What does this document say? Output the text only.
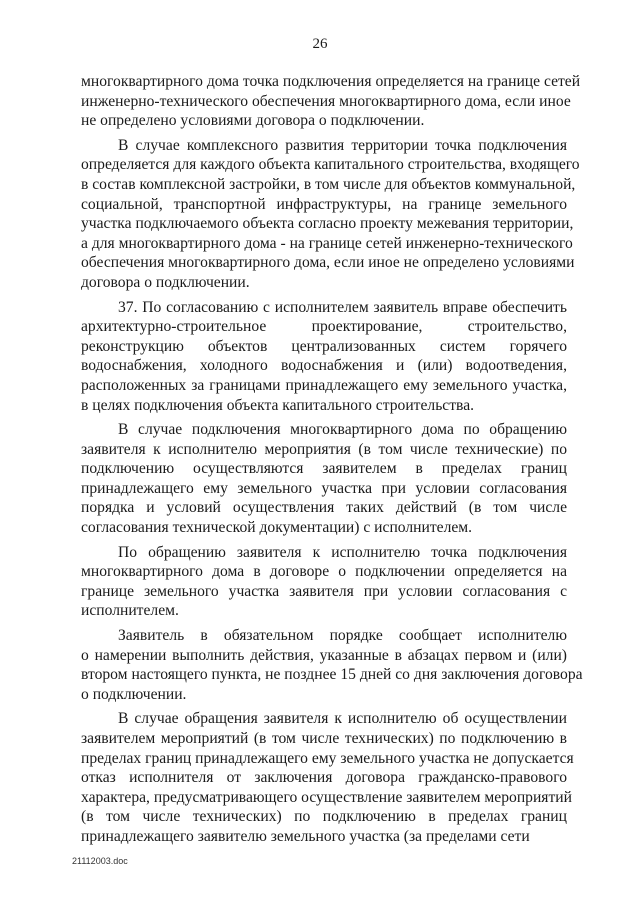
26
многоквартирного дома точка подключения определяется на границе сетей
инженерно-технического обеспечения многоквартирного дома, если иное
не определено условиями договора о подключении.
В случае комплексного развития территории точка подключения
определяется для каждого объекта капитального строительства, входящего
в состав комплексной застройки, в том числе для объектов коммунальной,
социальной, транспортной инфраструктуры, на границе земельного
участка подключаемого объекта согласно проекту межевания территории,
а для многоквартирного дома - на границе сетей инженерно-технического
обеспечения многоквартирного дома, если иное не определено условиями
договора о подключении.
37. По согласованию с исполнителем заявитель вправе обеспечить
архитектурно-строительное проектирование, строительство,
реконструкцию объектов централизованных систем горячего
водоснабжения, холодного водоснабжения и (или) водоотведения,
расположенных за границами принадлежащего ему земельного участка,
в целях подключения объекта капитального строительства.
В случае подключения многоквартирного дома по обращению
заявителя к исполнителю мероприятия (в том числе технические) по
подключению осуществляются заявителем в пределах границ
принадлежащего ему земельного участка при условии согласования
порядка и условий осуществления таких действий (в том числе
согласования технической документации) с исполнителем.
По обращению заявителя к исполнителю точка подключения
многоквартирного дома в договоре о подключении определяется на
границе земельного участка заявителя при условии согласования с
исполнителем.
Заявитель в обязательном порядке сообщает исполнителю
о намерении выполнить действия, указанные в абзацах первом и (или)
втором настоящего пункта, не позднее 15 дней со дня заключения договора
о подключении.
В случае обращения заявителя к исполнителю об осуществлении
заявителем мероприятий (в том числе технических) по подключению в
пределах границ принадлежащего ему земельного участка не допускается
отказ исполнителя от заключения договора гражданско-правового
характера, предусматривающего осуществление заявителем мероприятий
(в том числе технических) по подключению в пределах границ
принадлежащего заявителю земельного участка (за пределами сети
21112003.doc
